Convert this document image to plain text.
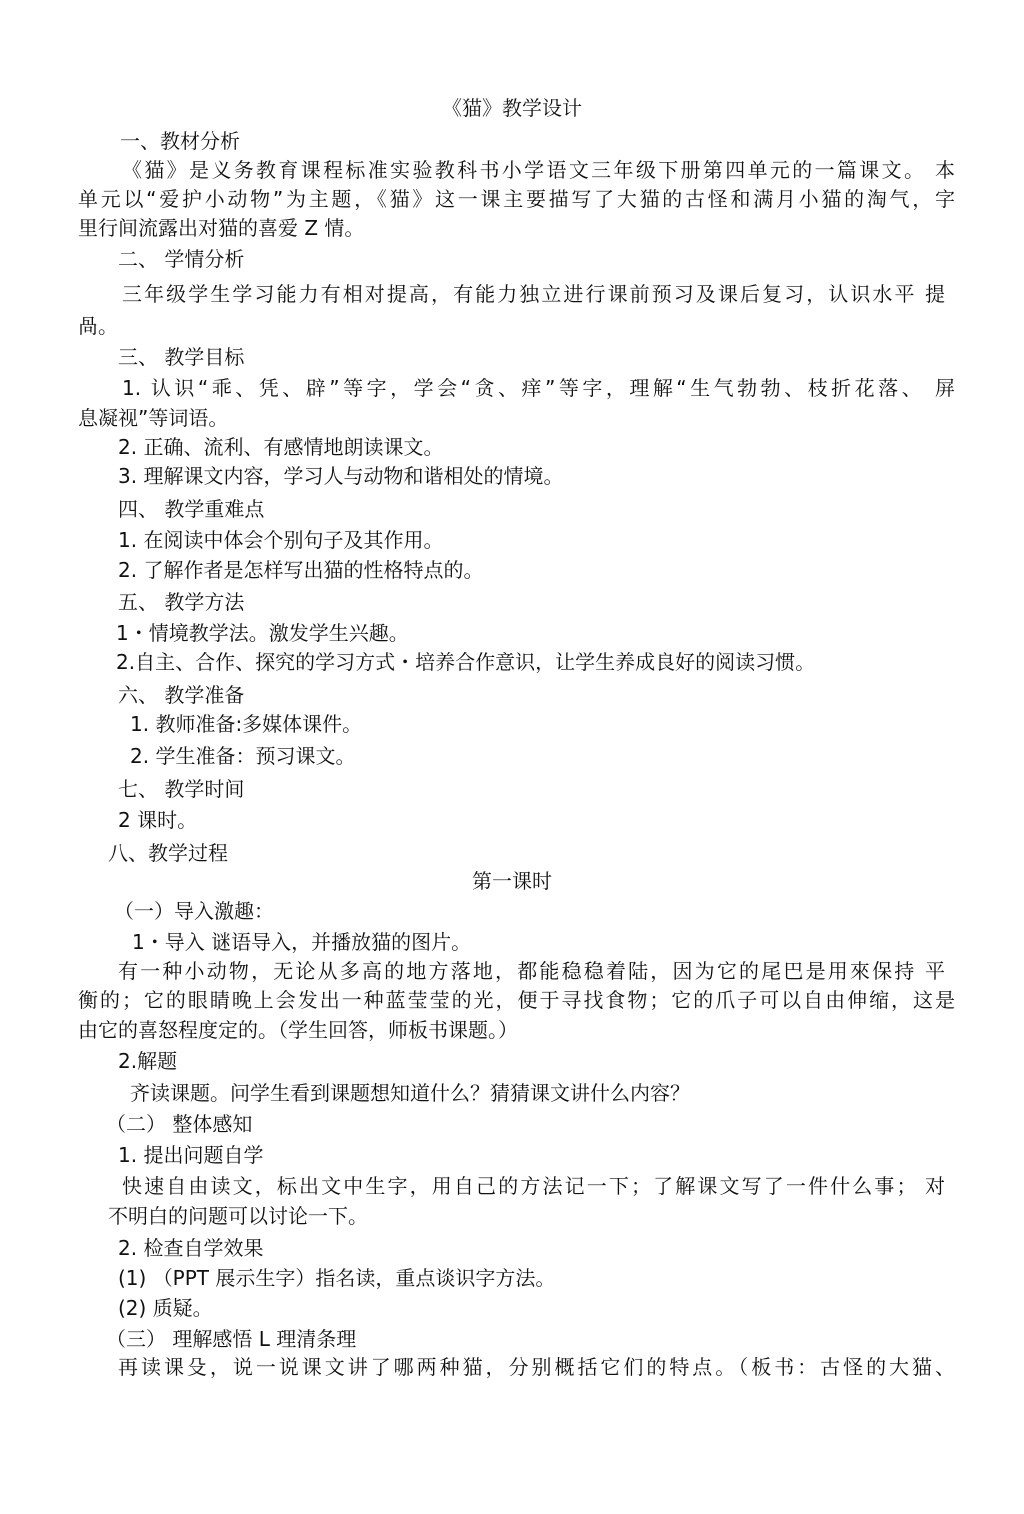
《猫》教学设计
一、教材分析
《猫》是义务教育课程标准实验教科书小学语文三年级下册第四单元的一篇课文。 本
单元以“爱护小动物”为主题，《猫》这一课主要描写了大猫的古怪和满月小猫的淘气，字
里行间流露出对猫的喜爱 Z 情。
二、 学情分析
三年级学生学习能力有相对提高，有能力独立进行课前预习及课后复习，认识水平 提
咼。
三、 教学目标
1. 认识“乖、凭、辟”等字，学会“贪、痒”等字，理解“生气勃勃、枝折花落、 屏
息凝视”等词语。
2. 正确、流利、有感情地朗读课文。
3. 理解课文内容，学习人与动物和谐相处的情境。
四、 教学重难点
1. 在阅读中体会个别句子及其作用。
2. 了解作者是怎样写出猫的性格特点的。
五、 教学方法
1・情境教学法。激发学生兴趣。
2.自主、合作、探究的学习方式・培养合作意识，让学生养成良好的阅读习惯。
六、 教学准备
1. 教师准备:多媒体课件。
2. 学生准备：预习课文。
七、 教学时间
2 课时。
八、教学过程
第一课时
（一）导入激趣：
1・导入 谜语导入，并播放猫的图片。
有一种小动物，无论从多高的地方落地，都能稳稳着陆，因为它的尾巴是用來保持 平
衡的；它的眼睛晚上会发出一种蓝莹莹的光，便于寻找食物；它的爪子可以自由伸缩，这是
由它的喜怒程度定的。（学生回答，师板书课题。）
2.解题
齐读课题。问学生看到课题想知道什么？猜猜课文讲什么内容？
（二） 整体感知
1. 提出问题自学
快速自由读文，标出文中生字，用自己的方法记一下；了解课文写了一件什么事； 对
不明白的问题可以讨论一下。
2. 检查自学效果
(1) （PPT 展示生字）指名读，重点谈识字方法。
(2) 质疑。
（三） 理解感悟 L 理清条理
再读课殳，说一说课文讲了哪两种猫，分别概括它们的特点。（板书：古怪的大猫、
